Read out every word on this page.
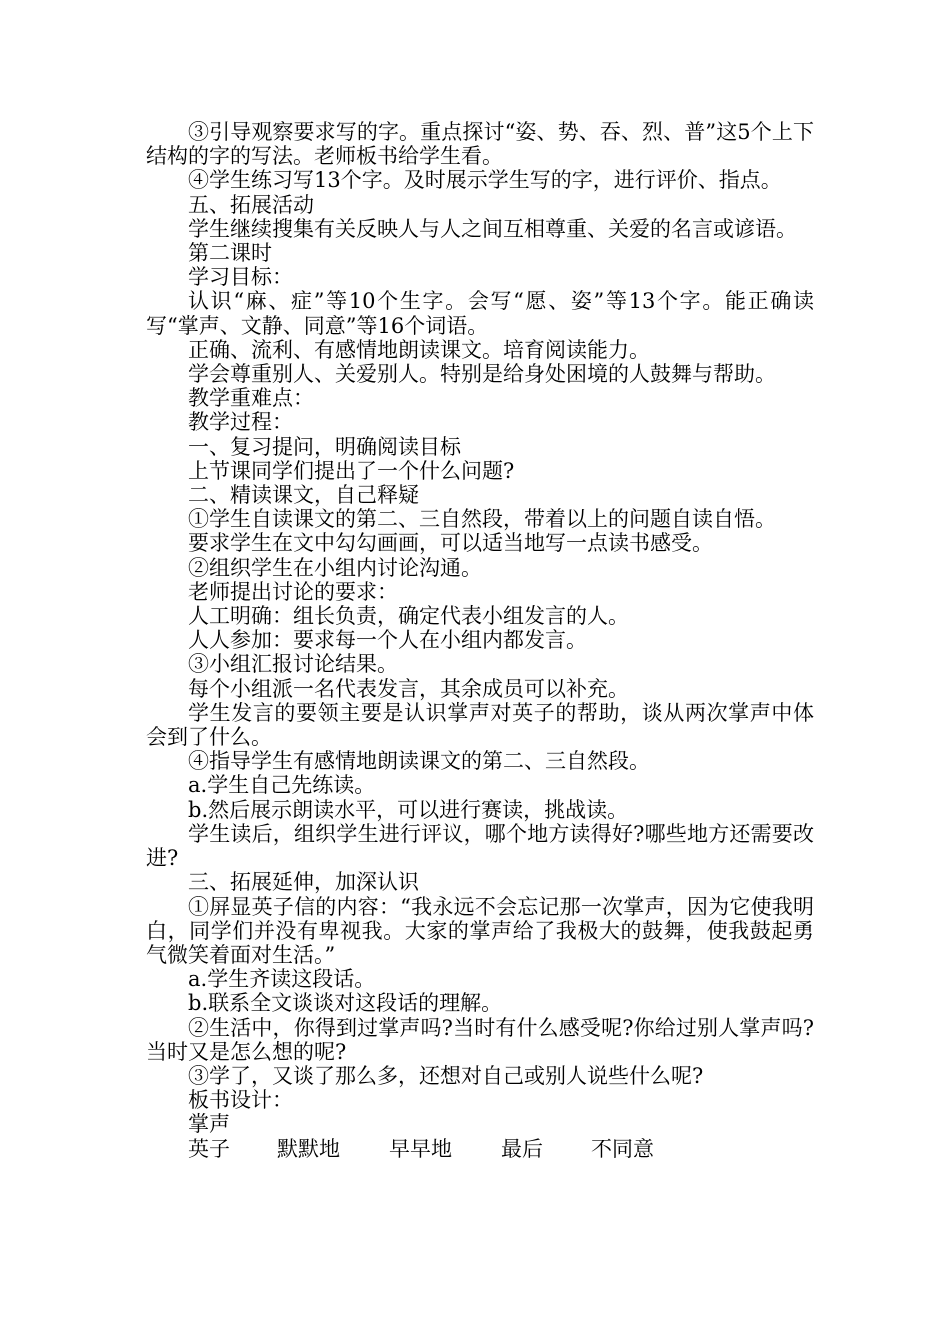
③引导观察要求写的字。重点探讨“姿、势、吞、烈、普”这5个上下结构的字的写法。老师板书给学生看。

④学生练习写13个字。及时展示学生写的字，进行评价、指点。

五、拓展活动

学生继续搜集有关反映人与人之间互相尊重、关爱的名言或谚语。

第二课时

学习目标：

认识“麻、症”等10个生字。会写“愿、姿”等13个字。能正确读写“掌声、文静、同意”等16个词语。

正确、流利、有感情地朗读课文。培育阅读能力。

学会尊重别人、关爱别人。特别是给身处困境的人鼓舞与帮助。

教学重难点：

教学过程：

一、复习提问，明确阅读目标

上节课同学们提出了一个什么问题?

二、精读课文，自己释疑

①学生自读课文的第二、三自然段，带着以上的问题自读自悟。

要求学生在文中勾勾画画，可以适当地写一点读书感受。

②组织学生在小组内讨论沟通。

老师提出讨论的要求：

人工明确：组长负责，确定代表小组发言的人。

人人参加：要求每一个人在小组内都发言。

③小组汇报讨论结果。

每个小组派一名代表发言，其余成员可以补充。

学生发言的要领主要是认识掌声对英子的帮助，谈从两次掌声中体会到了什么。

④指导学生有感情地朗读课文的第二、三自然段。

a.学生自己先练读。

b.然后展示朗读水平，可以进行赛读，挑战读。

学生读后，组织学生进行评议，哪个地方读得好?哪些地方还需要改进?

三、拓展延伸，加深认识

①屏显英子信的内容：“我永远不会忘记那一次掌声，因为它使我明白，同学们并没有卑视我。大家的掌声给了我极大的鼓舞，使我鼓起勇气微笑着面对生活。”

a.学生齐读这段话。

b.联系全文谈谈对这段话的理解。

②生活中，你得到过掌声吗?当时有什么感受呢?你给过别人掌声吗?当时又是怎么想的呢?

③学了，又谈了那么多，还想对自己或别人说些什么呢?

板书设计：

掌声

英子	默默地	早早地	最后	不同意
